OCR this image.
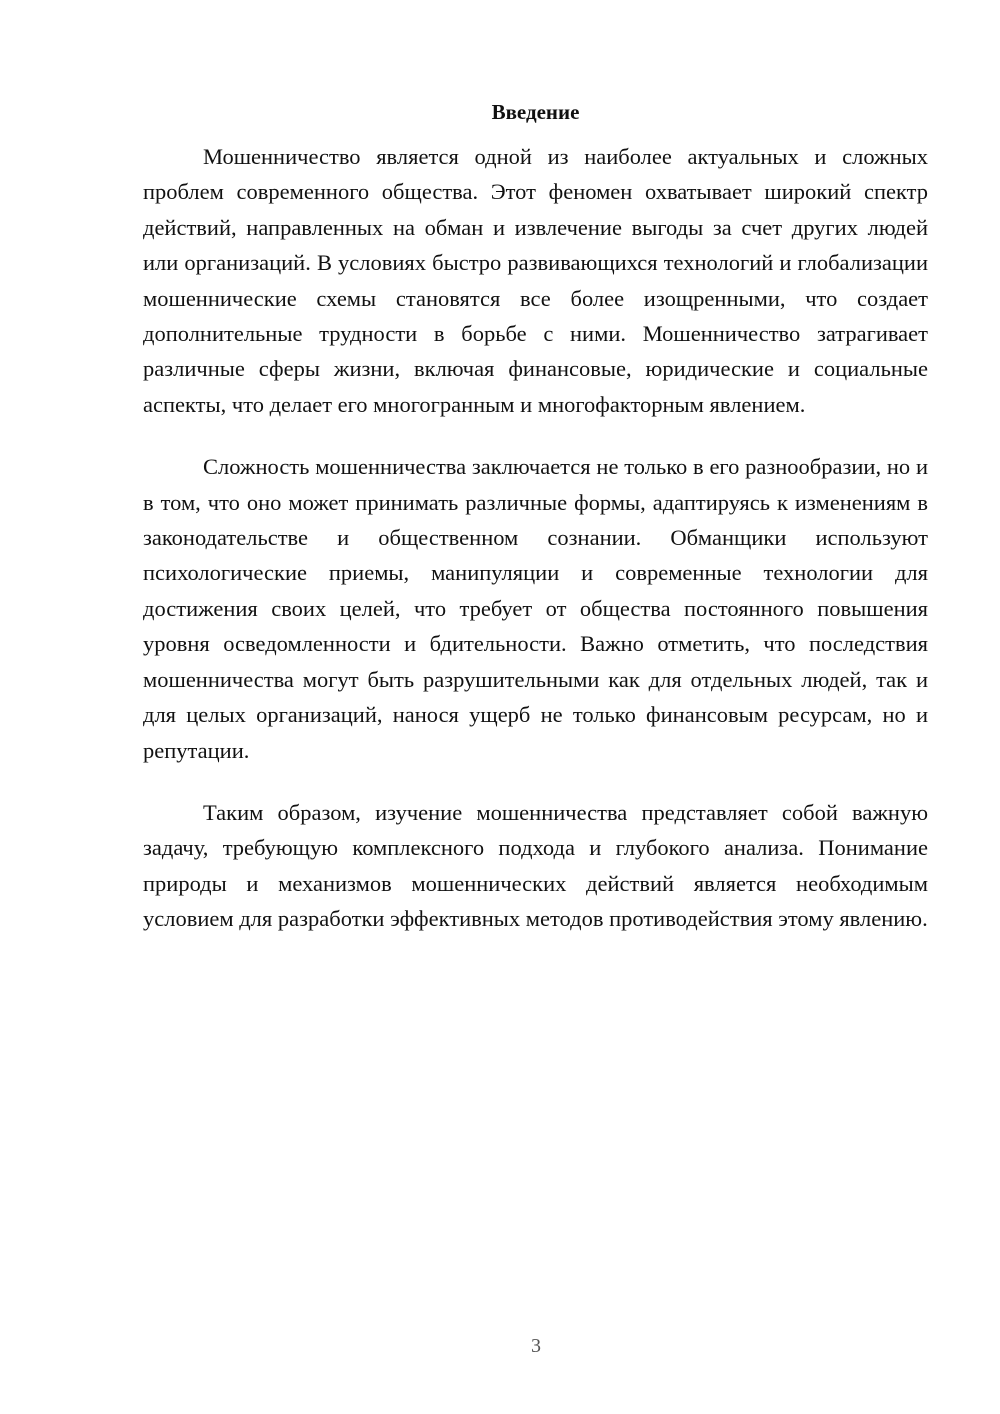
Введение

Мошенничество является одной из наиболее актуальных и сложных проблем современного общества. Этот феномен охватывает широкий спектр действий, направленных на обман и извлечение выгоды за счет других людей или организаций. В условиях быстро развивающихся технологий и глобализации мошеннические схемы становятся все более изощренными, что создает дополнительные трудности в борьбе с ними. Мошенничество затрагивает различные сферы жизни, включая финансовые, юридические и социальные аспекты, что делает его многогранным и многофакторным явлением.

Сложность мошенничества заключается не только в его разнообразии, но и в том, что оно может принимать различные формы, адаптируясь к изменениям в законодательстве и общественном сознании. Обманщики используют психологические приемы, манипуляции и современные технологии для достижения своих целей, что требует от общества постоянного повышения уровня осведомленности и бдительности. Важно отметить, что последствия мошенничества могут быть разрушительными как для отдельных людей, так и для целых организаций, нанося ущерб не только финансовым ресурсам, но и репутации.

Таким образом, изучение мошенничества представляет собой важную задачу, требующую комплексного подхода и глубокого анализа. Понимание природы и механизмов мошеннических действий является необходимым условием для разработки эффективных методов противодействия этому явлению.

3
